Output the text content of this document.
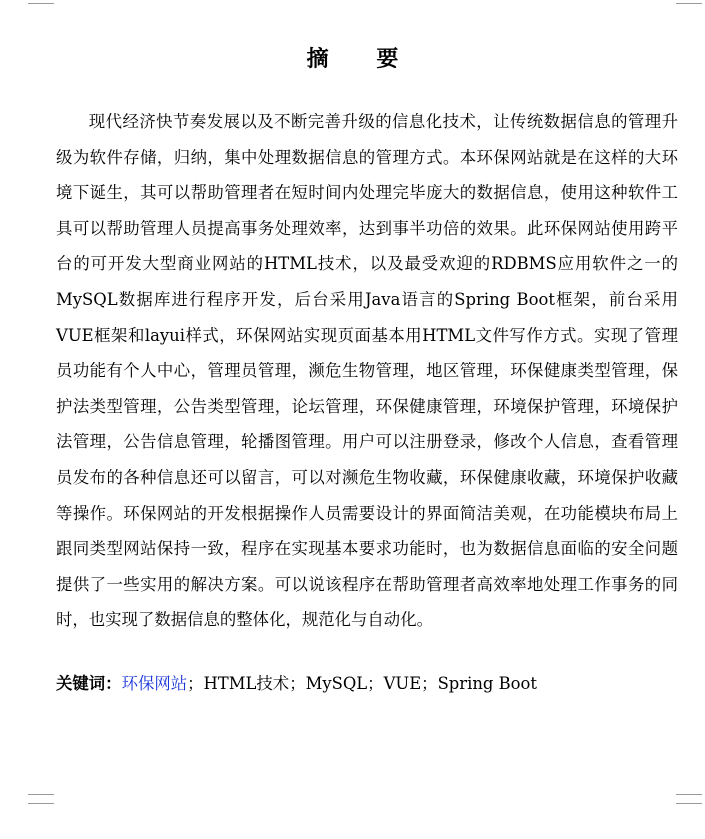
摘 要

现代经济快节奏发展以及不断完善升级的信息化技术，让传统数据信息的管理升级为软件存储，归纳，集中处理数据信息的管理方式。本环保网站就是在这样的大环境下诞生，其可以帮助管理者在短时间内处理完毕庞大的数据信息，使用这种软件工具可以帮助管理人员提高事务处理效率，达到事半功倍的效果。此环保网站使用跨平台的可开发大型商业网站的HTML技术，以及最受欢迎的RDBMS应用软件之一的MySQL数据库进行程序开发，后台采用Java语言的Spring Boot框架，前台采用VUE框架和layui样式，环保网站实现页面基本用HTML文件写作方式。实现了管理员功能有个人中心，管理员管理，濒危生物管理，地区管理，环保健康类型管理，保护法类型管理，公告类型管理，论坛管理，环保健康管理，环境保护管理，环境保护法管理，公告信息管理，轮播图管理。用户可以注册登录，修改个人信息，查看管理员发布的各种信息还可以留言，可以对濒危生物收藏，环保健康收藏，环境保护收藏等操作。环保网站的开发根据操作人员需要设计的界面简洁美观，在功能模块布局上跟同类型网站保持一致，程序在实现基本要求功能时，也为数据信息面临的安全问题提供了一些实用的解决方案。可以说该程序在帮助管理者高效率地处理工作事务的同时，也实现了数据信息的整体化，规范化与自动化。

关键词：环保网站；HTML技术；MySQL；VUE；Spring Boot
